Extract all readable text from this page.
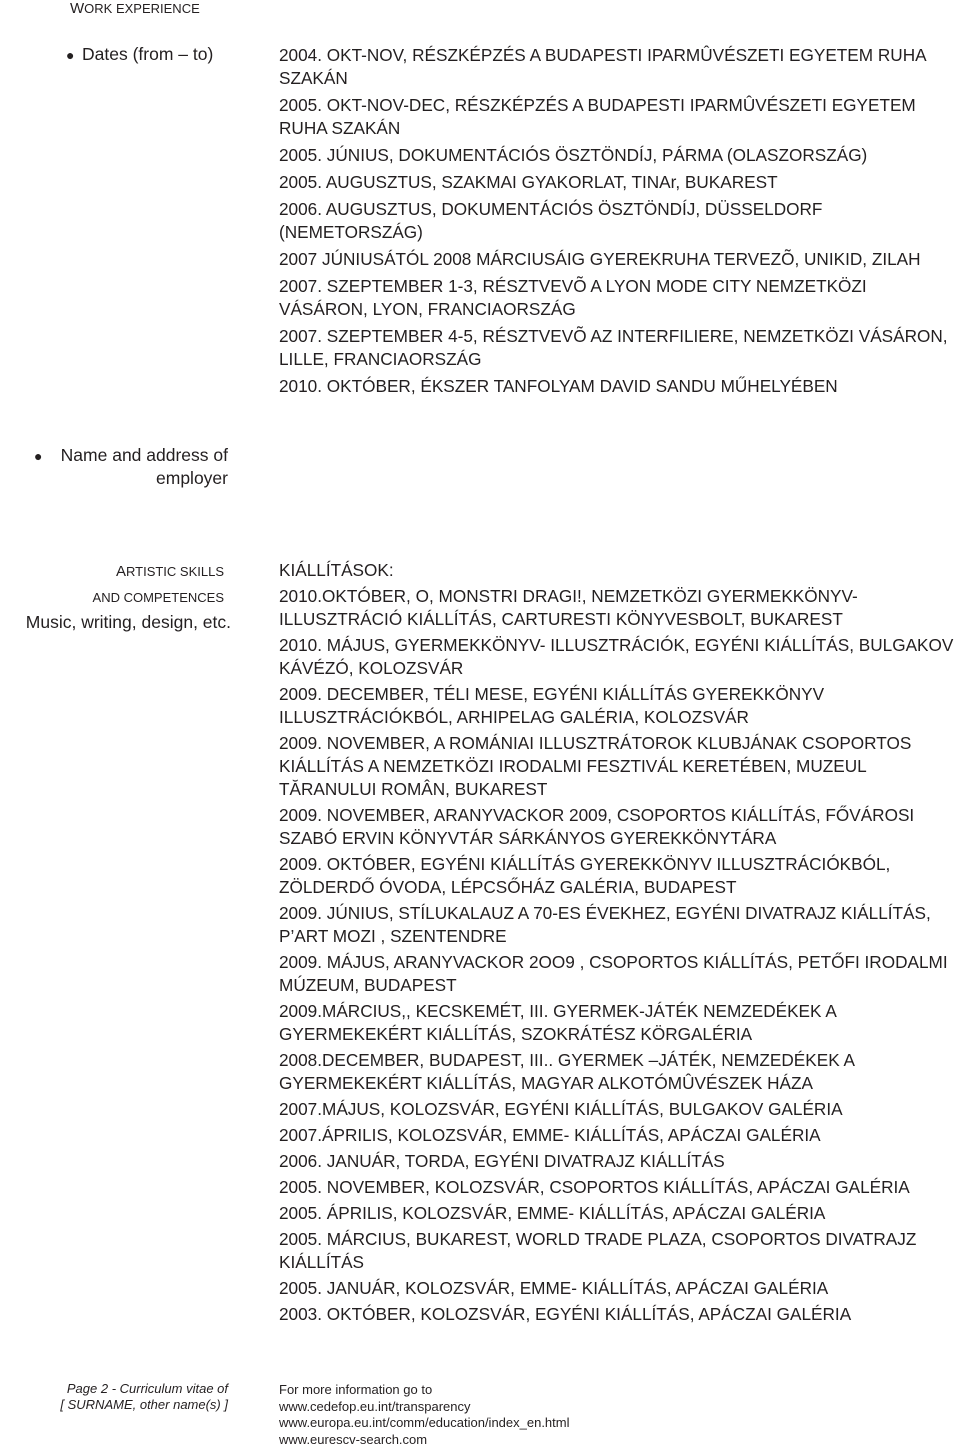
WORK EXPERIENCE
● Dates (from – to)	2004. OKT-NOV, RÉSZKÉPZÉS A BUDAPESTI IPARMÛVÉSZETI EGYETEM RUHA SZAKÁN

2005. OKT-NOV-DEC, RÉSZKÉPZÉS A BUDAPESTI IPARMÛVÉSZETI EGYETEM RUHA SZAKÁN

2005. JÚNIUS, DOKUMENTÁCIÓS ÖSZTÖNDÍJ, PÁRMA (OLASZORSZÁG)

2005. AUGUSZTUS, SZAKMAI GYAKORLAT, TINAr, BUKAREST

2006. AUGUSZTUS, DOKUMENTÁCIÓS ÖSZTÖNDÍJ, DÜSSELDORF (NEMETORSZÁG)

2007 JÚNIUSÁTÓL 2008 MÁRCIUSÁIG GYEREKRUHA TERVEZÕ, UNIKID, ZILAH

2007. SZEPTEMBER 1-3, RÉSZTVEVÕ A LYON MODE CITY NEMZETKÖZI VÁSÁRON, LYON, FRANCIAORSZÁG

2007. SZEPTEMBER 4-5, RÉSZTVEVÕ AZ INTERFILIERE, NEMZETKÖZI VÁSÁRON, LILLE, FRANCIAORSZÁG

2010. OKTÓBER, ÉKSZER TANFOLYAM DAVID SANDU MŰHELYÉBEN

● Name and address of
employer
ARTISTIC SKILLS
AND COMPETENCES
Music, writing, design, etc.

KIÁLLÍTÁSOK:

2010.OKTÓBER, O, MONSTRI DRAGI!, NEMZETKÖZI GYERMEKKÖNYV- ILLUSZTRÁCIÓ KIÁLLÍTÁS, CARTURESTI KÖNYVESBOLT, BUKAREST

2010. MÁJUS, GYERMEKKÖNYV- ILLUSZTRÁCIÓK, EGYÉNI KIÁLLÍTÁS, BULGAKOV KÁVÉZÓ, KOLOZSVÁR

2009. DECEMBER, TÉLI MESE, EGYÉNI KIÁLLÍTÁS GYEREKKÖNYV ILLUSZTRÁCIÓKBÓL, ARHIPELAG GALÉRIA, KOLOZSVÁR

2009. NOVEMBER, A ROMÁNIAI ILLUSZTRÁTOROK KLUBJÁNAK CSOPORTOS KIÁLLÍTÁS A NEMZETKÖZI IRODALMI FESZTIVÁL KERETÉBEN, MUZEUL TĂRANULUI ROMÂN, BUKAREST

2009. NOVEMBER, ARANYVACKOR 2009, CSOPORTOS KIÁLLÍTÁS, FŐVÁROSI SZABÓ ERVIN KÖNYVTÁR SÁRKÁNYOS GYEREKKÖNYTÁRA

2009. OKTÓBER, EGYÉNI KIÁLLÍTÁS GYEREKKÖNYV ILLUSZTRÁCIÓKBÓL, ZÖLDERDŐ ÓVODA, LÉPCSŐHÁZ GALÉRIA, BUDAPEST

2009. JÚNIUS, STÍLUKALAUZ A 70-ES ÉVEKHEZ, EGYÉNI DIVATRAJZ KIÁLLÍTÁS, P’ART MOZI , SZENTENDRE

2009. MÁJUS, ARANYVACKOR 2OO9 , CSOPORTOS KIÁLLÍTÁS, PETŐFI IRODALMI MÚZEUM, BUDAPEST

2009.MÁRCIUS,, KECSKEMÉT, III. GYERMEK-JÁTÉK NEMZEDÉKEK A GYERMEKEKÉRT KIÁLLÍTÁS, SZOKRÁTÉSZ KÖRGALÉRIA

2008.DECEMBER, BUDAPEST, III.. GYERMEK –JÁTÉK, NEMZEDÉKEK A GYERMEKEKÉRT KIÁLLÍTÁS, MAGYAR ALKOTÓMÛVÉSZEK HÁZA

2007.MÁJUS, KOLOZSVÁR, EGYÉNI KIÁLLÍTÁS, BULGAKOV GALÉRIA

2007.ÁPRILIS, KOLOZSVÁR, EMME- KIÁLLÍTÁS, APÁCZAI GALÉRIA

2006. JANUÁR, TORDA, EGYÉNI DIVATRAJZ KIÁLLÍTÁS

2005. NOVEMBER, KOLOZSVÁR, CSOPORTOS KIÁLLÍTÁS, APÁCZAI GALÉRIA

2005. ÁPRILIS, KOLOZSVÁR, EMME- KIÁLLÍTÁS, APÁCZAI GALÉRIA

2005. MÁRCIUS, BUKAREST, WORLD TRADE PLAZA, CSOPORTOS DIVATRAJZ KIÁLLÍTÁS

2005. JANUÁR, KOLOZSVÁR, EMME- KIÁLLÍTÁS, APÁCZAI GALÉRIA

2003. OKTÓBER, KOLOZSVÁR, EGYÉNI KIÁLLÍTÁS, APÁCZAI GALÉRIA

Page 2 - Curriculum vitae of
[ SURNAME, other name(s) ]
For more information go to
www.cedefop.eu.int/transparency
www.europa.eu.int/comm/education/index_en.html
www.eurescv-search.com
